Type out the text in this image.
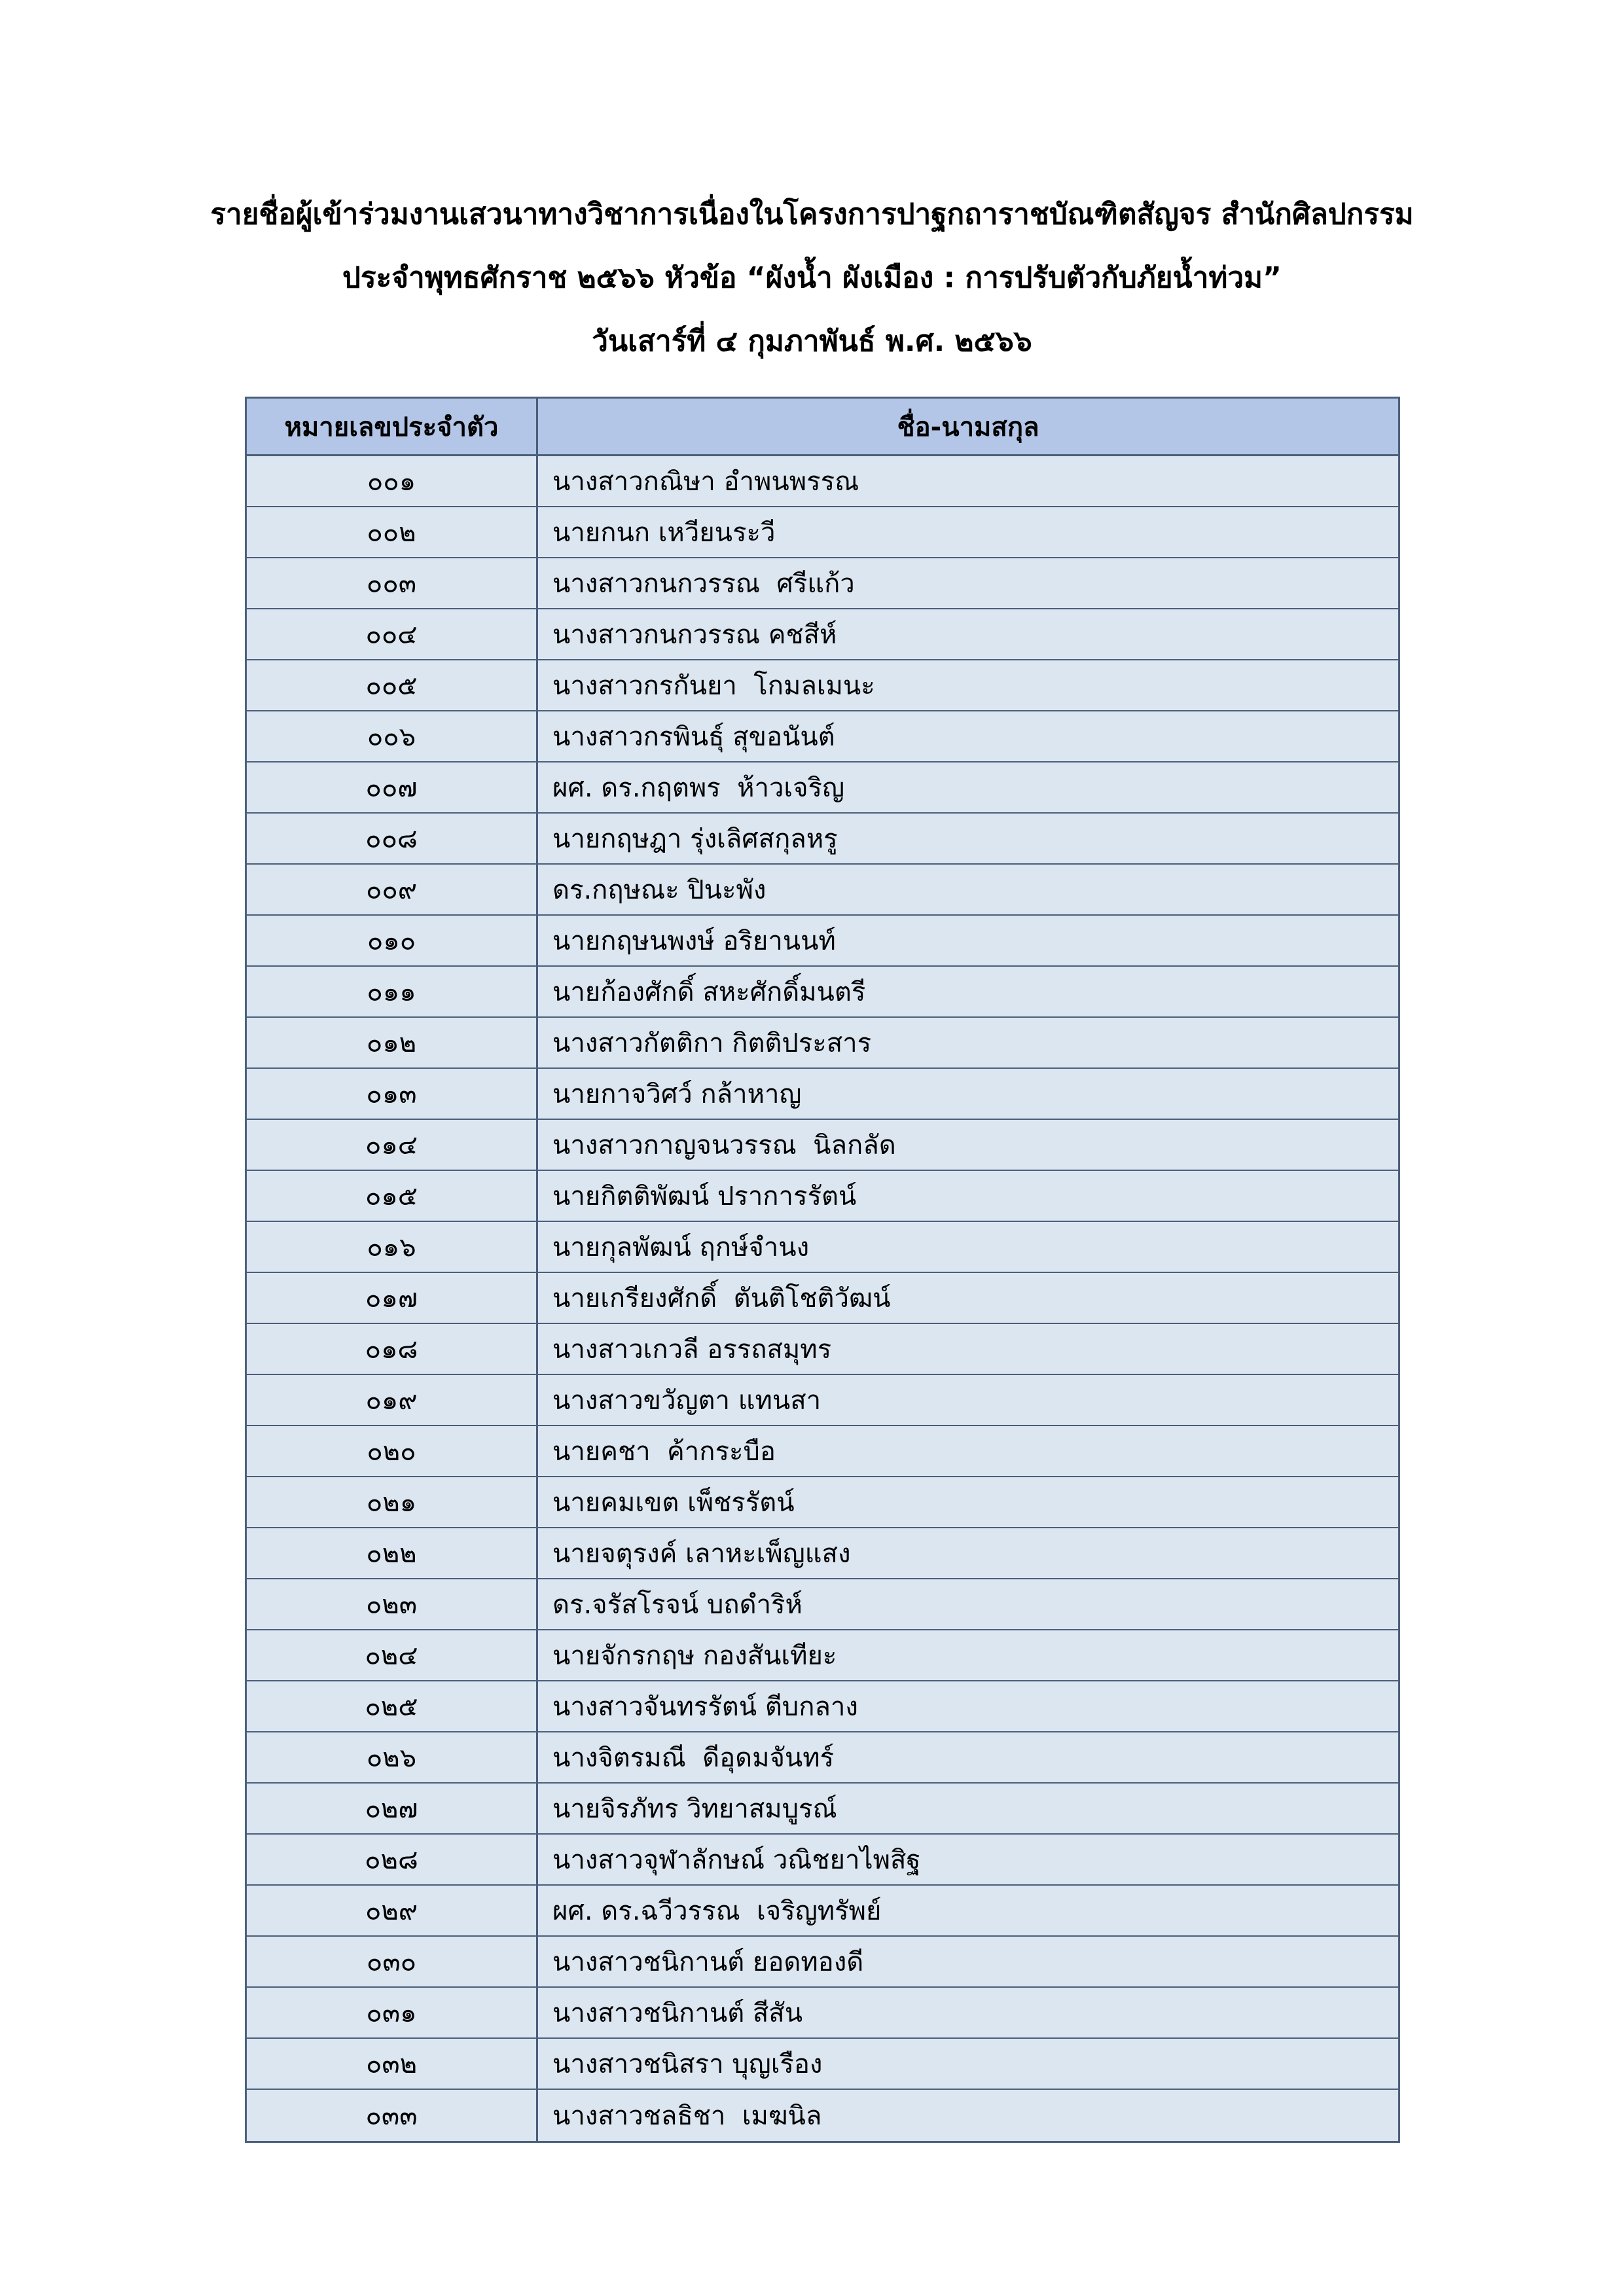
รายชื่อผู้เข้าร่วมงานเสวนาทางวิชาการเนื่องในโครงการปาฐกถาราชบัณฑิตสัญจร สำนักศิลปกรรม
ประจำพุทธศักราช ๒๕๖๖ หัวข้อ “ผังน้ำ ผังเมือง : การปรับตัวกับภัยน้ำท่วม”
วันเสาร์ที่ ๔ กุมภาพันธ์ พ.ศ. ๒๕๖๖
หมายเลขประจำตัว	ชื่อ-นามสกุล
๐๐๑	นางสาวกณิษา อำพนพรรณ
๐๐๒	นายกนก เหวียนระวี
๐๐๓	นางสาวกนกวรรณ  ศรีแก้ว
๐๐๔	นางสาวกนกวรรณ คชสีห์
๐๐๕	นางสาวกรกันยา  โกมลเมนะ
๐๐๖	นางสาวกรพินธุ์ สุขอนันต์
๐๐๗	ผศ. ดร.กฤตพร  ห้าวเจริญ
๐๐๘	นายกฤษฎา รุ่งเลิศสกุลหรู
๐๐๙	ดร.กฤษณะ ปินะพัง
๐๑๐	นายกฤษนพงษ์ อริยานนท์
๐๑๑	นายก้องศักดิ์ สหะศักดิ์มนตรี
๐๑๒	นางสาวกัตติกา กิตติประสาร
๐๑๓	นายกาจวิศว์ กล้าหาญ
๐๑๔	นางสาวกาญจนวรรณ  นิลกลัด
๐๑๕	นายกิตติพัฒน์ ปราการรัตน์
๐๑๖	นายกุลพัฒน์ ฤกษ์จำนง
๐๑๗	นายเกรียงศักดิ์  ตันติโชติวัฒน์
๐๑๘	นางสาวเกวลี อรรถสมุทร
๐๑๙	นางสาวขวัญตา แทนสา
๐๒๐	นายคชา  ค้ากระบือ
๐๒๑	นายคมเขต เพ็ชรรัตน์
๐๒๒	นายจตุรงค์ เลาหะเพ็ญแสง
๐๒๓	ดร.จรัสโรจน์ บถดำริห์
๐๒๔	นายจักรกฤษ กองสันเทียะ
๐๒๕	นางสาวจันทรรัตน์ ตีบกลาง
๐๒๖	นางจิตรมณี  ดีอุดมจันทร์
๐๒๗	นายจิรภัทร วิทยาสมบูรณ์
๐๒๘	นางสาวจุฬาลักษณ์ วณิชยาไพสิฐ
๐๒๙	ผศ. ดร.ฉวีวรรณ  เจริญทรัพย์
๐๓๐	นางสาวชนิกานต์ ยอดทองดี
๐๓๑	นางสาวชนิกานต์ สีสัน
๐๓๒	นางสาวชนิสรา บุญเรือง
๐๓๓	นางสาวชลธิชา  เมฆนิล
